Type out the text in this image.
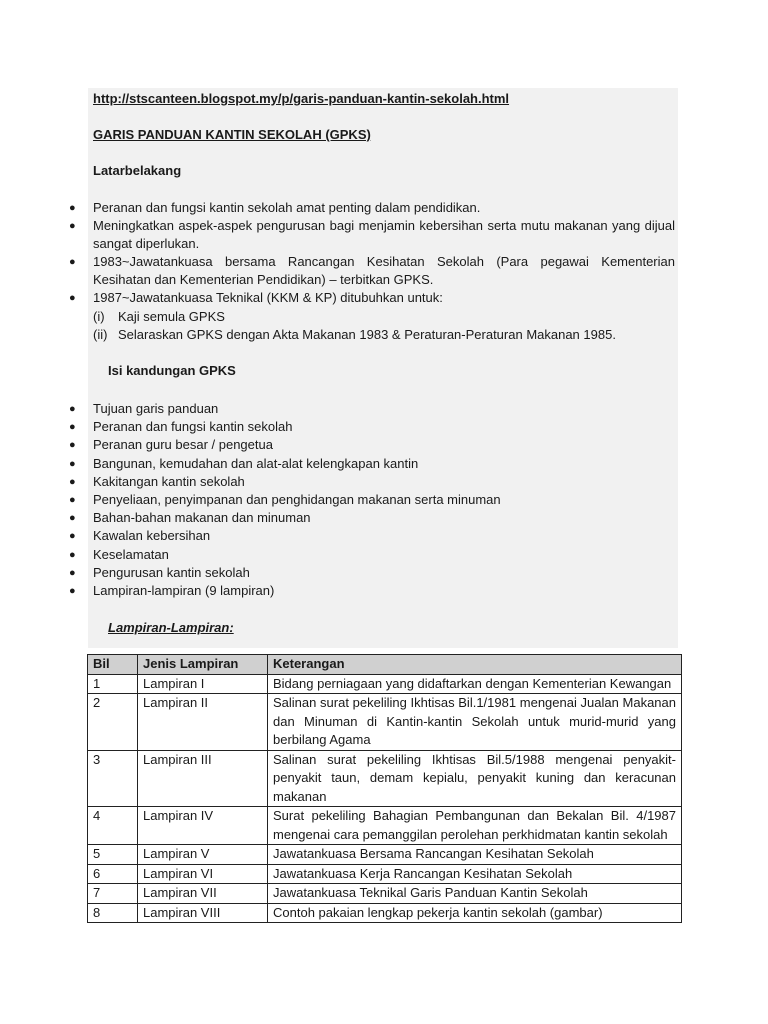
http://stscanteen.blogspot.my/p/garis-panduan-kantin-sekolah.html
GARIS PANDUAN KANTIN SEKOLAH (GPKS)
Latarbelakang
● Peranan dan fungsi kantin sekolah amat penting dalam pendidikan.
● Meningkatkan aspek-aspek pengurusan bagi menjamin kebersihan serta mutu makanan yang dijual sangat diperlukan.
● 1983~Jawatankuasa bersama Rancangan Kesihatan Sekolah (Para pegawai Kementerian Kesihatan dan Kementerian Pendidikan) – terbitkan GPKS.
● 1987~Jawatankuasa Teknikal (KKM & KP) ditubuhkan untuk:
(i) Kaji semula GPKS
(ii) Selaraskan GPKS dengan Akta Makanan 1983 & Peraturan-Peraturan Makanan 1985.
Isi kandungan GPKS
● Tujuan garis panduan
● Peranan dan fungsi kantin sekolah
● Peranan guru besar / pengetua
● Bangunan, kemudahan dan alat-alat kelengkapan kantin
● Kakitangan kantin sekolah
● Penyeliaan, penyimpanan dan penghidangan makanan serta minuman
● Bahan-bahan makanan dan minuman
● Kawalan kebersihan
● Keselamatan
● Pengurusan kantin sekolah
● Lampiran-lampiran (9 lampiran)
Lampiran-Lampiran:
Bil	Jenis Lampiran	Keterangan
1	Lampiran I	Bidang perniagaan yang didaftarkan dengan Kementerian Kewangan
2	Lampiran II	Salinan surat pekeliling Ikhtisas Bil.1/1981 mengenai Jualan Makanan dan Minuman di Kantin-kantin Sekolah untuk murid-murid yang berbilang Agama
3	Lampiran III	Salinan surat pekeliling Ikhtisas Bil.5/1988 mengenai penyakit-penyakit taun, demam kepialu, penyakit kuning dan keracunan makanan
4	Lampiran IV	Surat pekeliling Bahagian Pembangunan dan Bekalan Bil. 4/1987 mengenai cara pemanggilan perolehan perkhidmatan kantin sekolah
5	Lampiran V	Jawatankuasa Bersama Rancangan Kesihatan Sekolah
6	Lampiran VI	Jawatankuasa Kerja Rancangan Kesihatan Sekolah
7	Lampiran VII	Jawatankuasa Teknikal Garis Panduan Kantin Sekolah
8	Lampiran VIII	Contoh pakaian lengkap pekerja kantin sekolah (gambar)
